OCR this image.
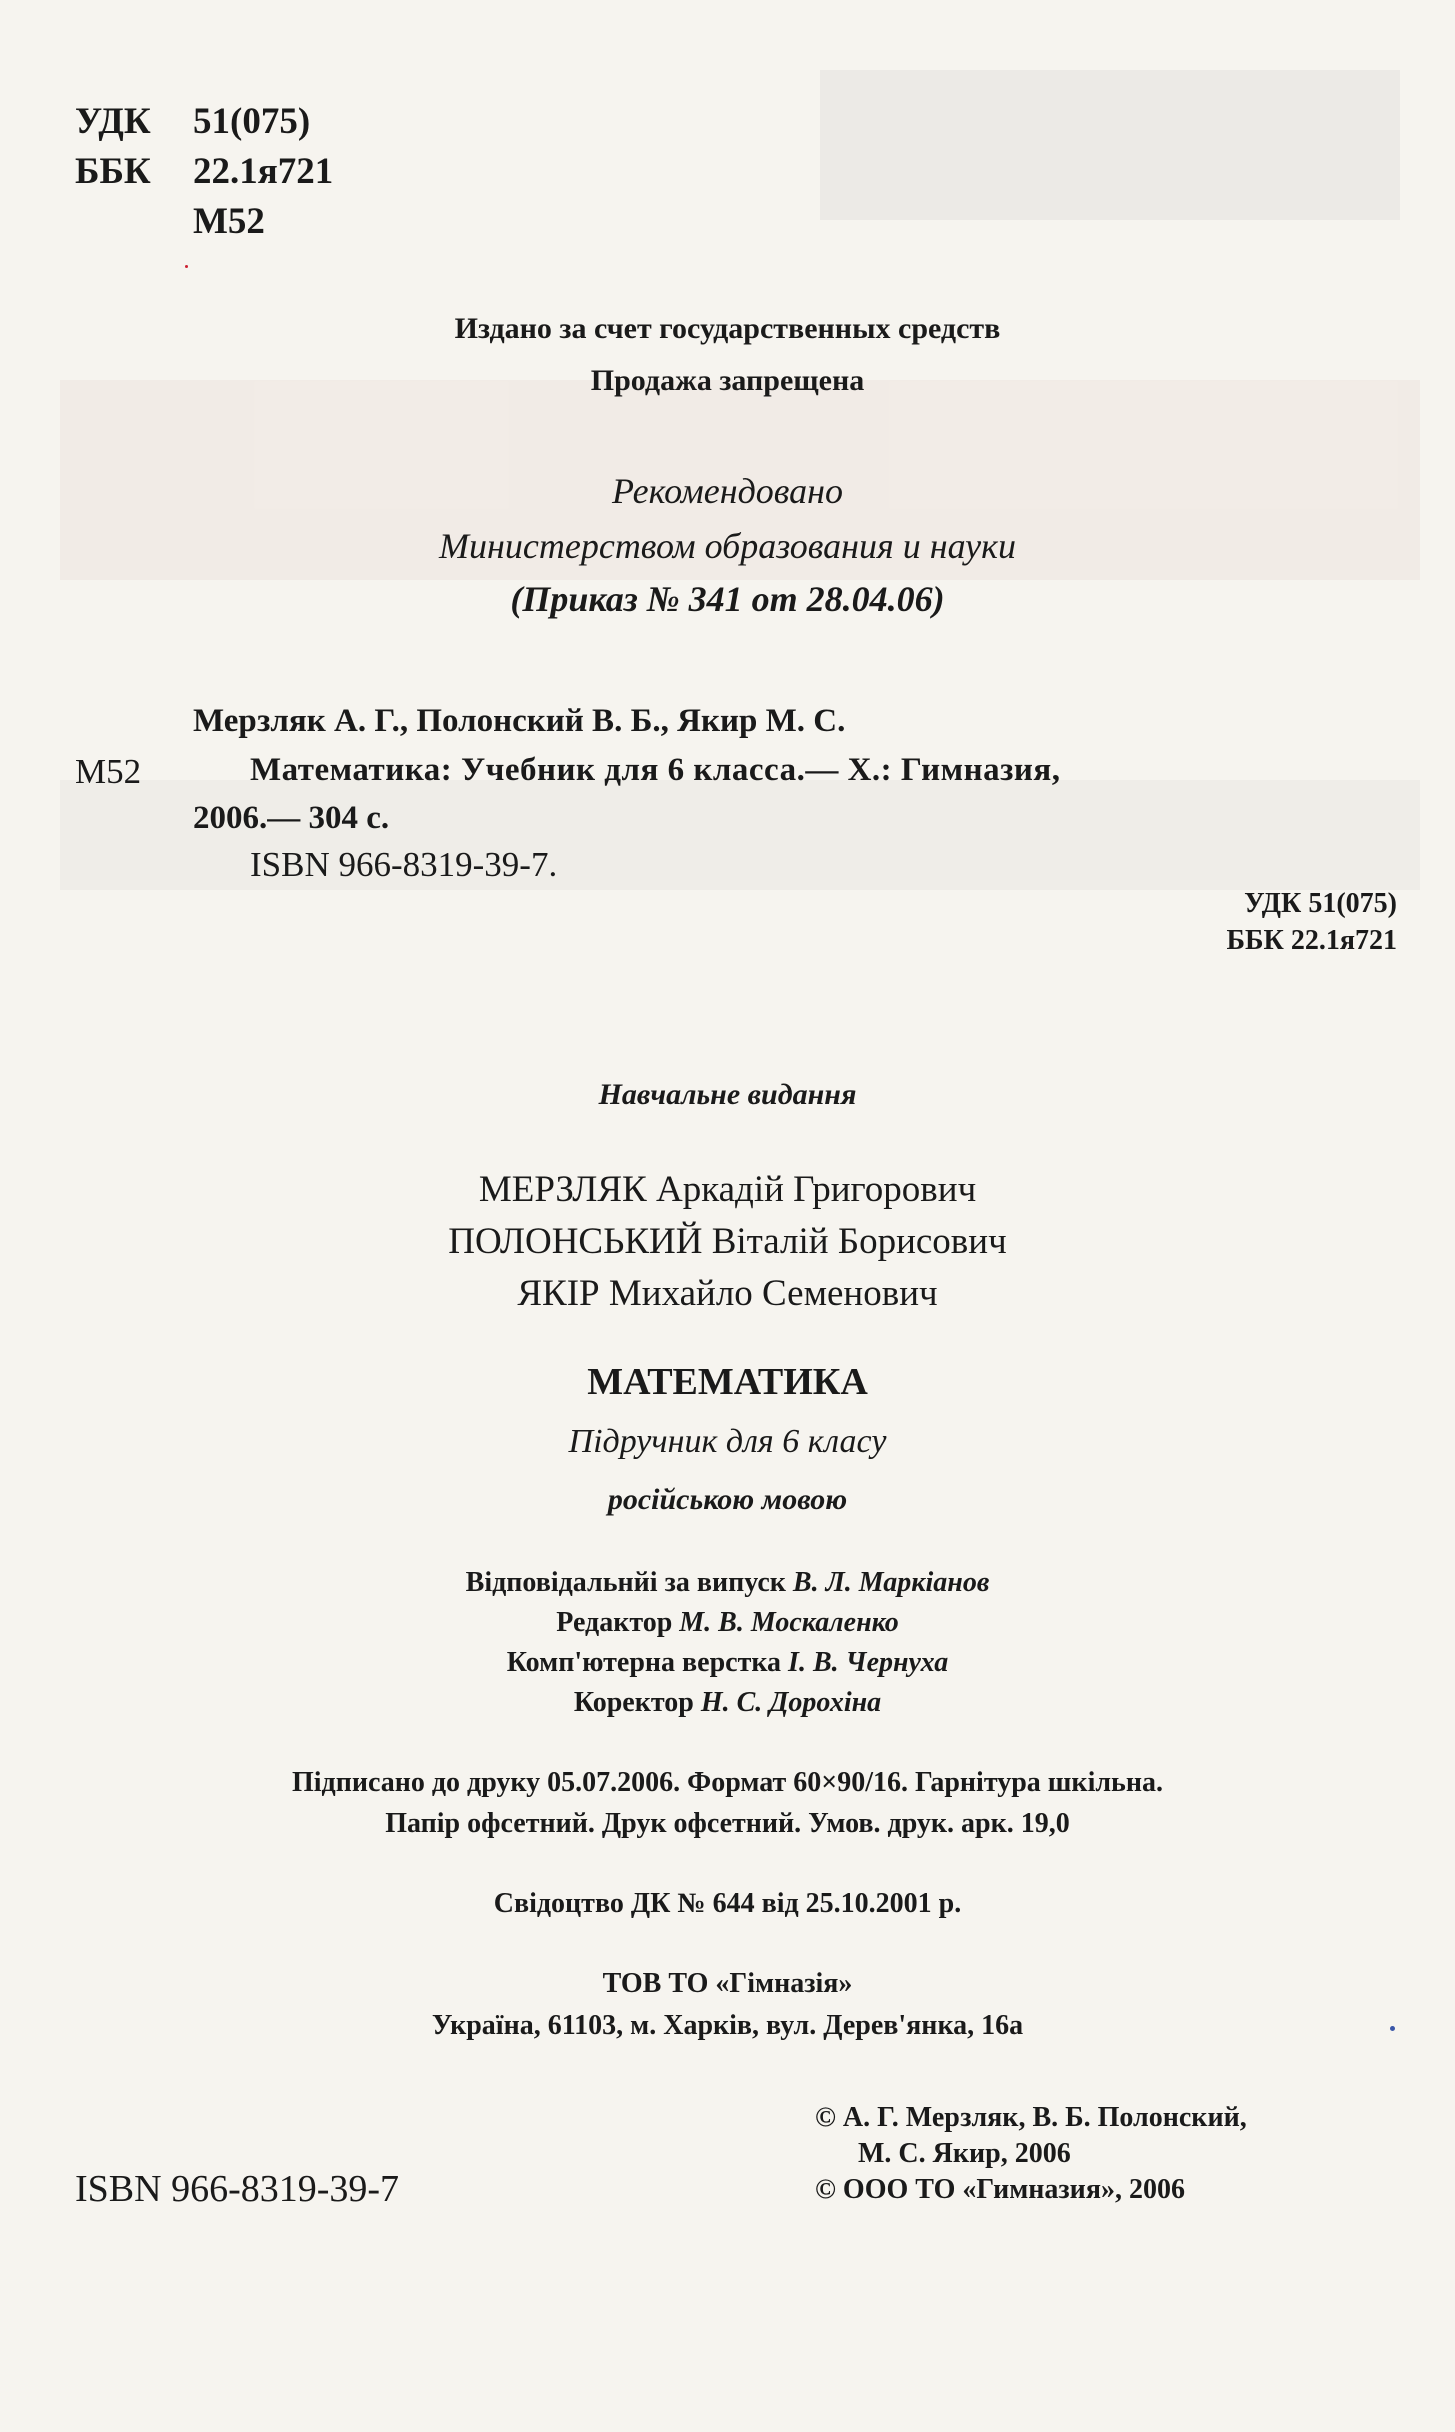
УДК 51(075)
ББК 22.1я721
М52
Издано за счет государственных средств
Продажа запрещена
Рекомендовано
Министерством образования и науки
(Приказ № 341 от 28.04.06)
Мерзляк А. Г., Полонский В. Б., Якир М. С.
М52	Математика: Учебник для 6 класса.— X.: Гимназия,
2006.— 304 с.
ISBN 966-8319-39-7.
УДК 51(075)
ББК 22.1я721
Навчальне видання
МЕРЗЛЯК Аркадій Григорович
ПОЛОНСЬКИЙ Віталій Борисович
ЯКІР Михайло Семенович
МАТЕМАТИКА
Підручник для 6 класу
російською мовою
Відповідальнйі за випуск В. Л. Маркіанов
Редактор М. В. Москаленко
Комп'ютерна верстка І. В. Чернуха
Коректор Н. С. Дорохіна
Підписано до друку 05.07.2006. Формат 60×90/16. Гарнітура шкільна.
Папір офсетний. Друк офсетний. Умов. друк. арк. 19,0
Свідоцтво ДК № 644 від 25.10.2001 р.
ТОВ ТО «Гімназія»
Україна, 61103, м. Харків, вул. Дерев'янка, 16а
ISBN 966-8319-39-7
© А. Г. Мерзляк, В. Б. Полонский,
М. С. Якир, 2006
© ООО ТО «Гимназия», 2006
